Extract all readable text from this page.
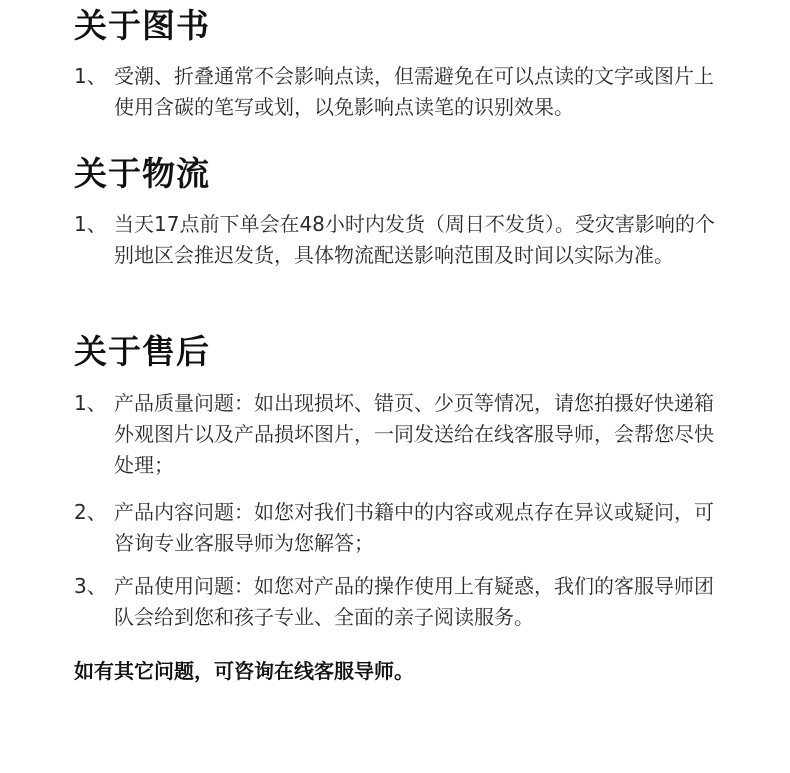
关于图书
1、 受潮、折叠通常不会影响点读，但需避免在可以点读的文字或图片上使用含碳的笔写或划，以免影响点读笔的识别效果。
关于物流
1、 当天17点前下单会在48小时内发货（周日不发货）。受灾害影响的个别地区会推迟发货，具体物流配送影响范围及时间以实际为准。
关于售后
1、 产品质量问题：如出现损坏、错页、少页等情况，请您拍摄好快递箱外观图片以及产品损坏图片，一同发送给在线客服导师，会帮您尽快处理；
2、 产品内容问题：如您对我们书籍中的内容或观点存在异议或疑问，可咨询专业客服导师为您解答；
3、 产品使用问题：如您对产品的操作使用上有疑惑，我们的客服导师团队会给到您和孩子专业、全面的亲子阅读服务。

如有其它问题，可咨询在线客服导师。
